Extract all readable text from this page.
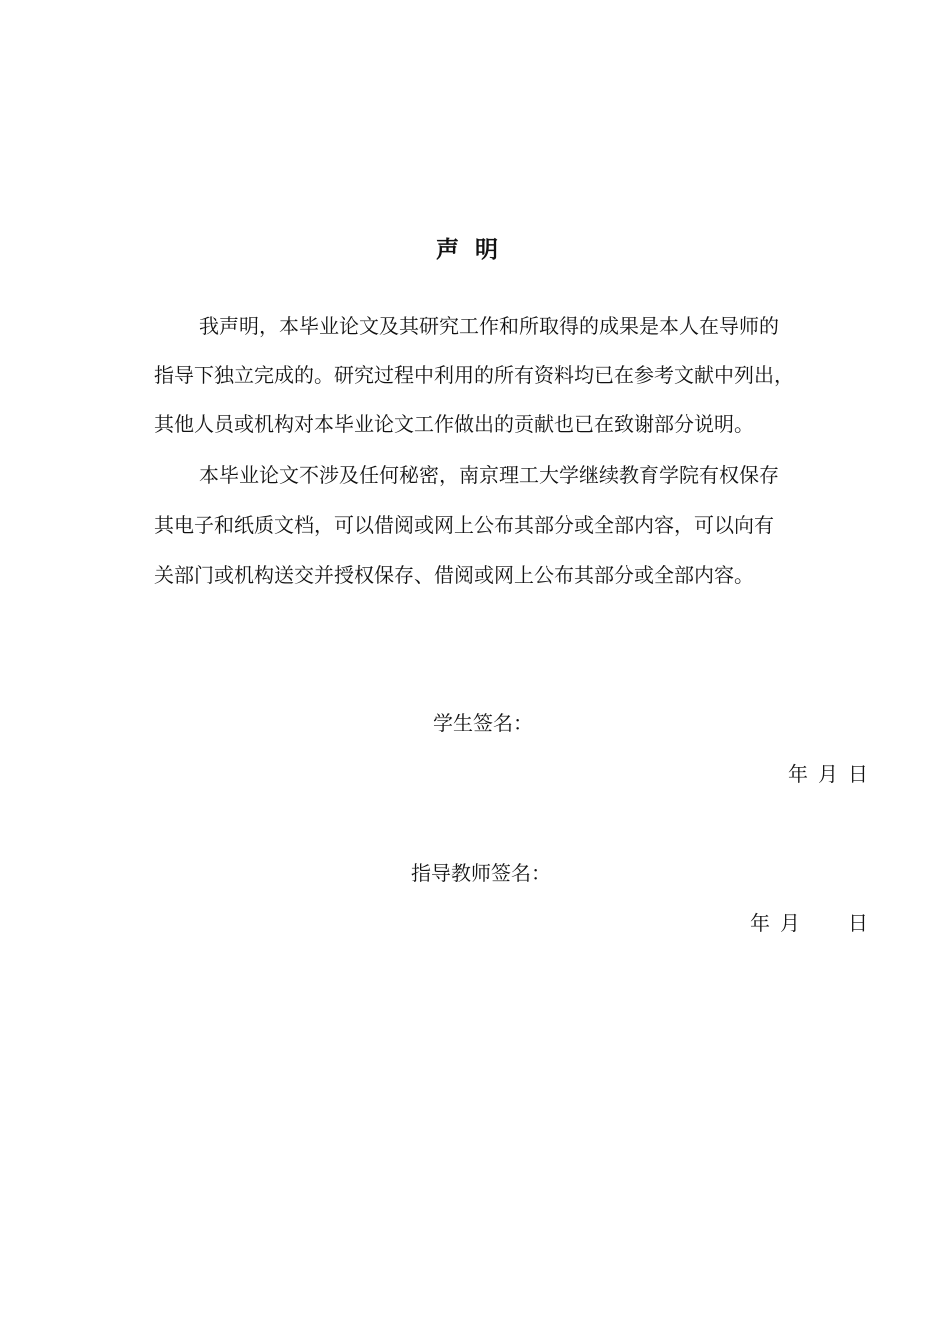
声明
我声明，本毕业论文及其研究工作和所取得的成果是本人在导师的
指导下独立完成的。研究过程中利用的所有资料均已在参考文献中列出，
其他人员或机构对本毕业论文工作做出的贡献也已在致谢部分说明。
本毕业论文不涉及任何秘密，南京理工大学继续教育学院有权保存
其电子和纸质文档，可以借阅或网上公布其部分或全部内容，可以向有
关部门或机构送交并授权保存、借阅或网上公布其部分或全部内容。
学生签名：
年 月 日
指导教师签名：
年 月 日
